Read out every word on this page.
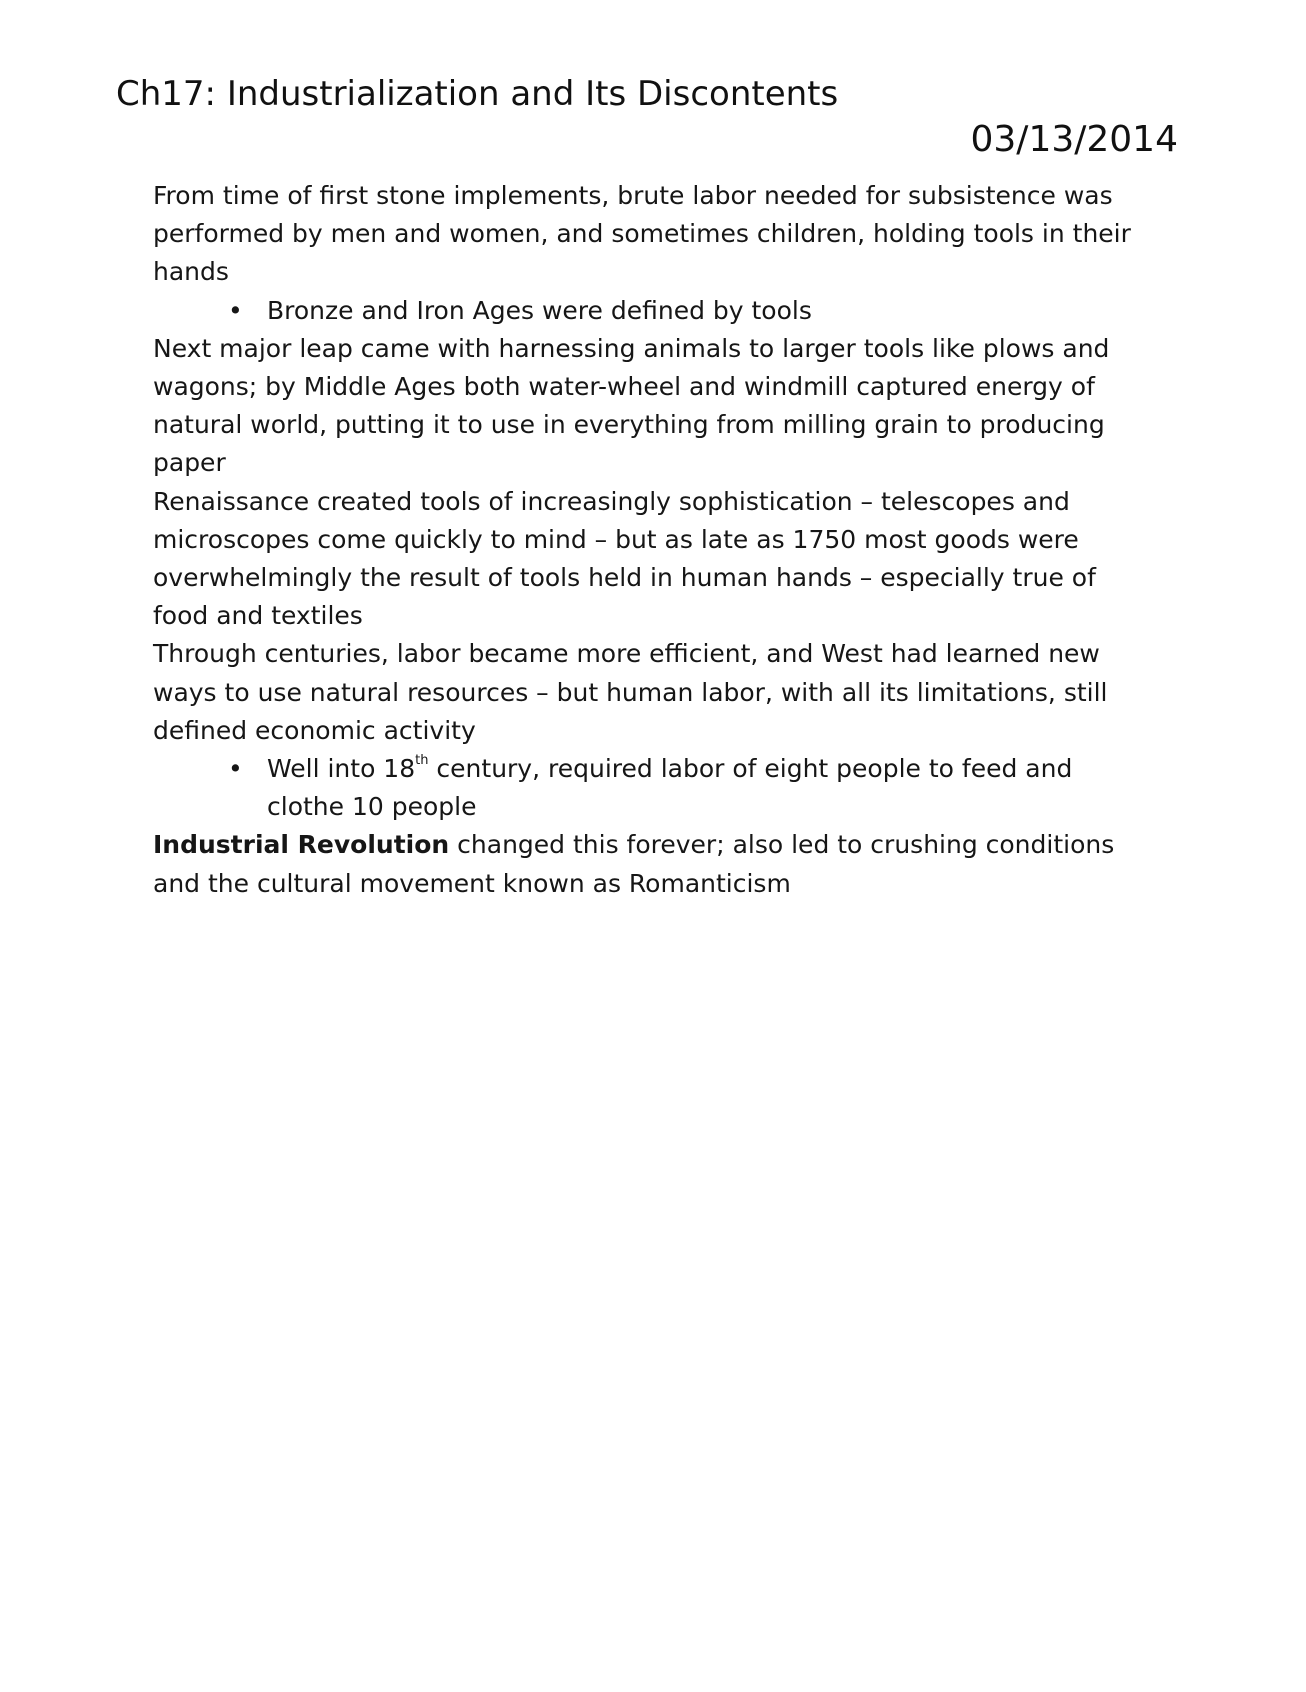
Ch17: Industrialization and Its Discontents
03/13/2014

From time of first stone implements, brute labor needed for subsistence was performed by men and women, and sometimes children, holding tools in their hands

• Bronze and Iron Ages were defined by tools

Next major leap came with harnessing animals to larger tools like plows and wagons; by Middle Ages both water-wheel and windmill captured energy of natural world, putting it to use in everything from milling grain to producing paper

Renaissance created tools of increasingly sophistication – telescopes and microscopes come quickly to mind – but as late as 1750 most goods were overwhelmingly the result of tools held in human hands – especially true of food and textiles

Through centuries, labor became more efficient, and West had learned new ways to use natural resources – but human labor, with all its limitations, still defined economic activity

• Well into 18th century, required labor of eight people to feed and clothe 10 people

Industrial Revolution changed this forever; also led to crushing conditions and the cultural movement known as Romanticism
